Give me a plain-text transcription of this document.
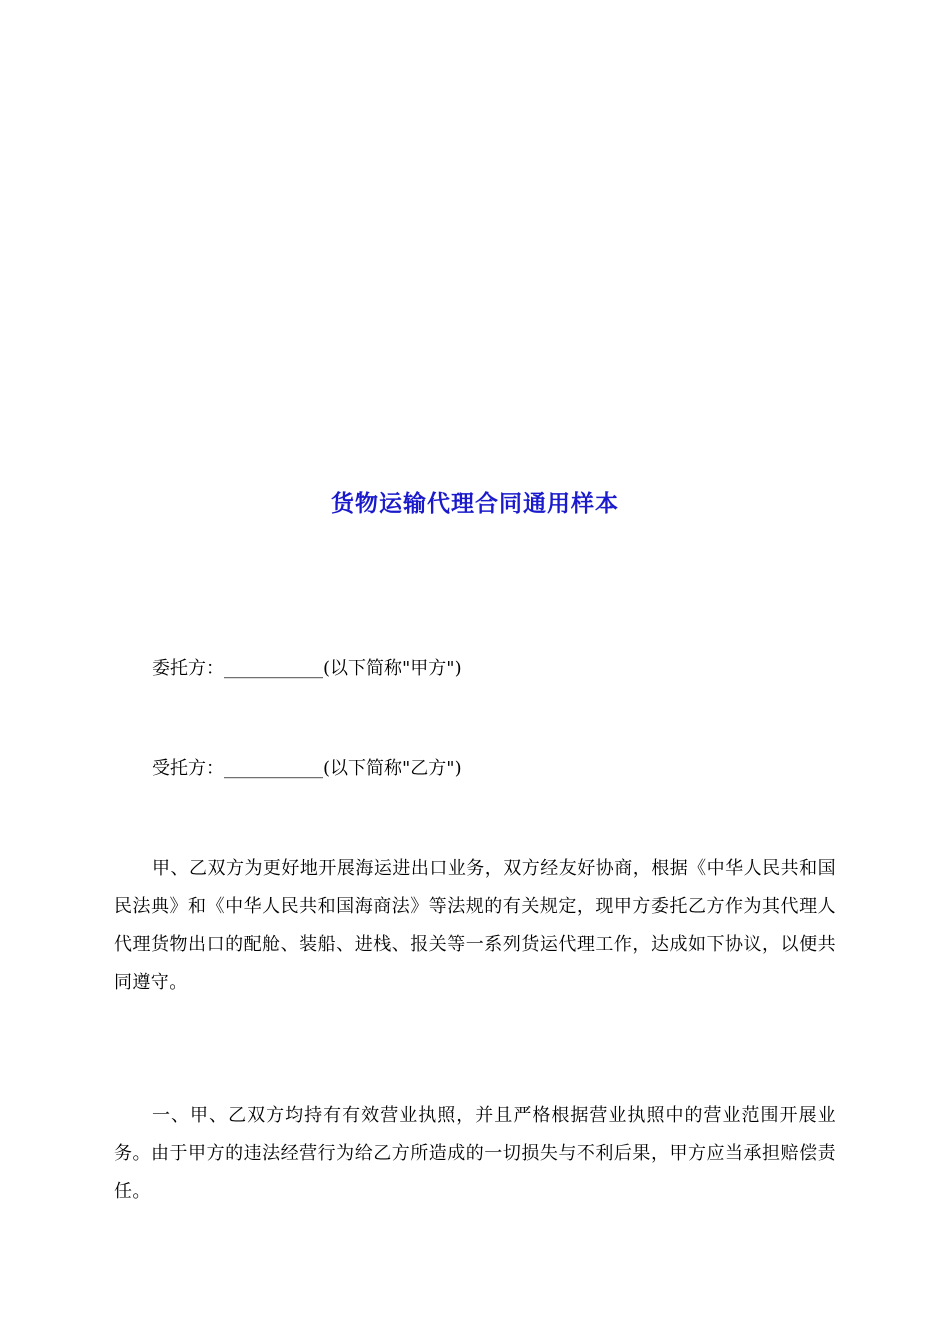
货物运输代理合同通用样本
委托方：___________(以下简称"甲方")
受托方：___________(以下简称"乙方")
甲、乙双方为更好地开展海运进出口业务，双方经友好协商，根据《中华人民共和国民法典》和《中华人民共和国海商法》等法规的有关规定，现甲方委托乙方作为其代理人代理货物出口的配舱、装船、进栈、报关等一系列货运代理工作，达成如下协议，以便共同遵守。
一、甲、乙双方均持有有效营业执照，并且严格根据营业执照中的营业范围开展业务。由于甲方的违法经营行为给乙方所造成的一切损失与不利后果，甲方应当承担赔偿责任。
